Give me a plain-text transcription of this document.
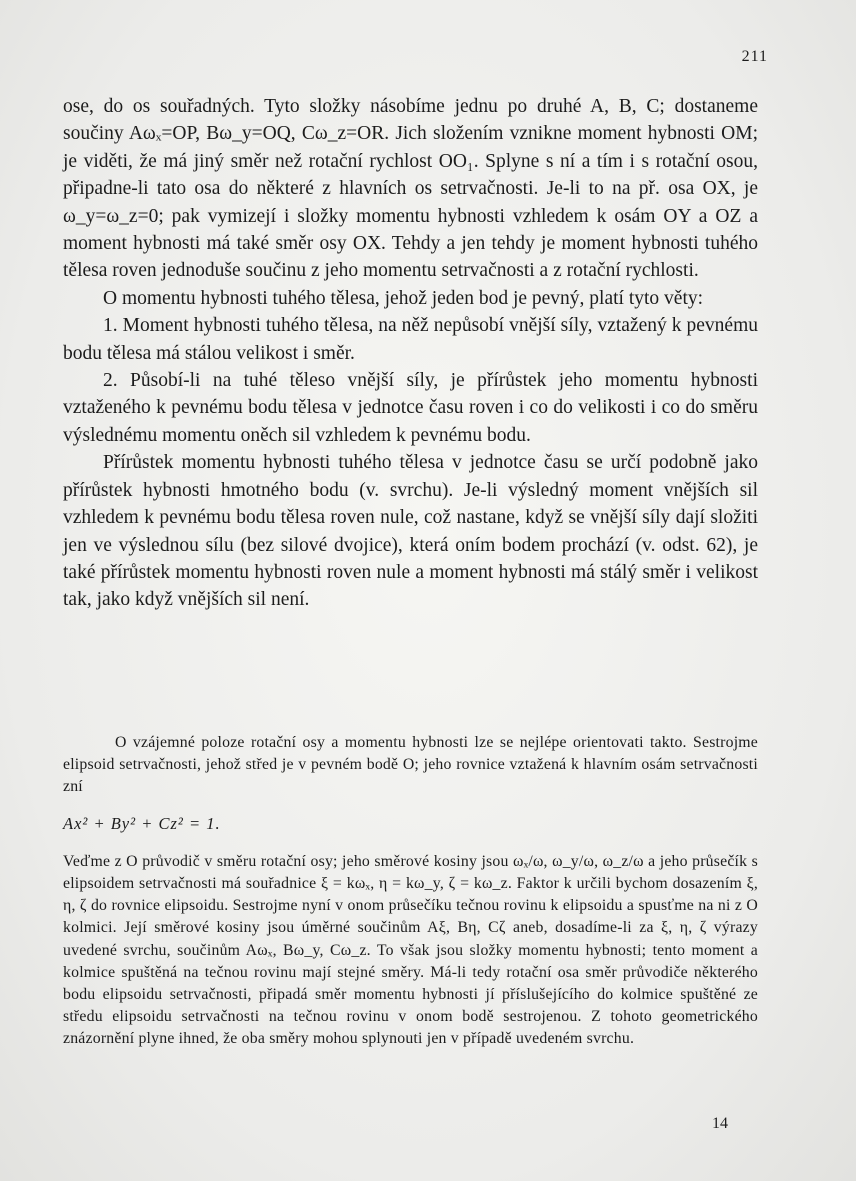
211

ose, do os souřadných. Tyto složky násobíme jednu po druhé A, B, C; dostaneme součiny Aωₓ=OP, Bω_y=OQ, Cω_z=OR. Jich složením vznikne moment hybnosti OM; je viděti, že má jiný směr než rotační rychlost OO₁. Splyne s ní a tím i s rotační osou, připadne-li tato osa do některé z hlavních os setrvačnosti. Je-li to na př. osa OX, je ω_y=ω_z=0; pak vymizejí i složky momentu hybnosti vzhledem k osám OY a OZ a moment hybnosti má také směr osy OX. Tehdy a jen tehdy je moment hybnosti tuhého tělesa roven jednoduše součinu z jeho momentu setrvačnosti a z rotační rychlosti.

O momentu hybnosti tuhého tělesa, jehož jeden bod je pevný, platí tyto věty:

1. Moment hybnosti tuhého tělesa, na něž nepůsobí vnější síly, vztažený k pevnému bodu tělesa má stálou velikost i směr.

2. Působí-li na tuhé těleso vnější síly, je přírůstek jeho momentu hybnosti vztaženého k pevnému bodu tělesa v jednotce času roven i co do velikosti i co do směru výslednému momentu oněch sil vzhledem k pevnému bodu.

Přírůstek momentu hybnosti tuhého tělesa v jednotce času se určí podobně jako přírůstek hybnosti hmotného bodu (v. svrchu). Je-li výsledný moment vnějších sil vzhledem k pevnému bodu tělesa roven nule, což nastane, když se vnější síly dají složiti jen ve výslednou sílu (bez silové dvojice), která oním bodem prochází (v. odst. 62), je také přírůstek momentu hybnosti roven nule a moment hybnosti má stálý směr i velikost tak, jako když vnějších sil není.

O vzájemné poloze rotační osy a momentu hybnosti lze se nejlépe orientovati takto. Sestrojme elipsoid setrvačnosti, jehož střed je v pevném bodě O; jeho rovnice vztažená k hlavním osám setrvačnosti zní

Ax² + By² + Cz² = 1.

Veďme z O průvodič v směru rotační osy; jeho směrové kosiny jsou ωₓ/ω, ω_y/ω, ω_z/ω a jeho průsečík s elipsoidem setrvačnosti má souřadnice ξ = kωₓ, η = kω_y, ζ = kω_z. Faktor k určili bychom dosazením ξ, η, ζ do rovnice elipsoidu. Sestrojme nyní v onom průsečíku tečnou rovinu k elipsoidu a spusťme na ni z O kolmici. Její směrové kosiny jsou úměrné součinům Aξ, Bη, Cζ aneb, dosadíme-li za ξ, η, ζ výrazy uvedené svrchu, součinům Aωₓ, Bω_y, Cω_z. To však jsou složky momentu hybnosti; tento moment a kolmice spuštěná na tečnou rovinu mají stejné směry. Má-li tedy rotační osa směr průvodiče některého bodu elipsoidu setrvačnosti, připadá směr momentu hybnosti jí příslušejícího do kolmice spuštěné ze středu elipsoidu setrvačnosti na tečnou rovinu v onom bodě sestrojenou. Z tohoto geometrického znázornění plyne ihned, že oba směry mohou splynouti jen v případě uvedeném svrchu.

14
